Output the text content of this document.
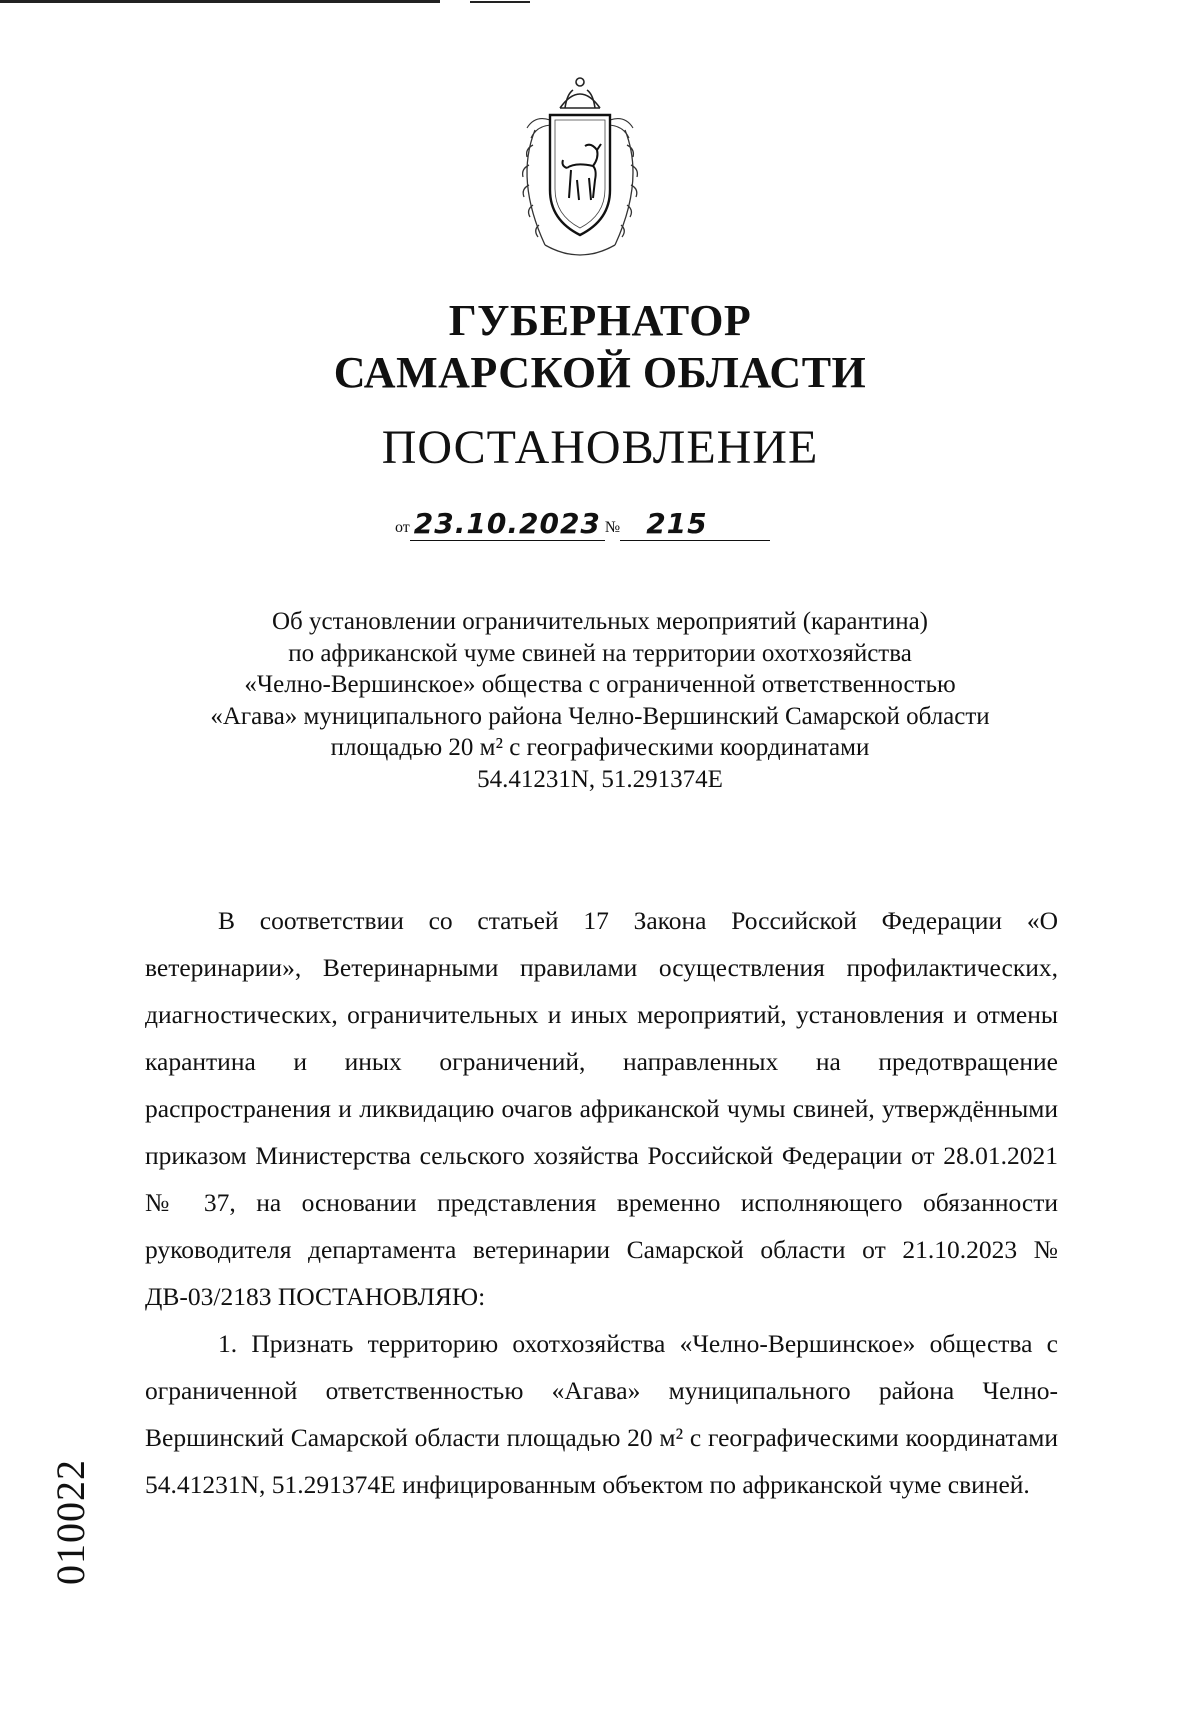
ГУБЕРНАТОР
САМАРСКОЙ ОБЛАСТИ
ПОСТАНОВЛЕНИЕ
от 23.10.2023 № 215
Об установлении ограничительных мероприятий (карантина)
по африканской чуме свиней на территории охотхозяйства
«Челно-Вершинское» общества с ограниченной ответственностью
«Агава» муниципального района Челно-Вершинский Самарской области
площадью 20 м² с географическими координатами
54.41231N, 51.291374E

В соответствии со статьей 17 Закона Российской Федерации «О ветеринарии», Ветеринарными правилами осуществления профилактических, диагностических, ограничительных и иных мероприятий, установления и отмены карантина и иных ограничений, направленных на предотвращение распространения и ликвидацию очагов африканской чумы свиней, утверждёнными приказом Министерства сельского хозяйства Российской Федерации от 28.01.2021 № 37, на основании представления временно исполняющего обязанности руководителя департамента ветеринарии Самарской области от 21.10.2023 № ДВ-03/2183 ПОСТАНОВЛЯЮ:

1. Признать территорию охотхозяйства «Челно-Вершинское» общества с ограниченной ответственностью «Агава» муниципального района Челно-Вершинский Самарской области площадью 20 м² с географическими координатами 54.41231N, 51.291374E инфицированным объектом по африканской чуме свиней.

010022
